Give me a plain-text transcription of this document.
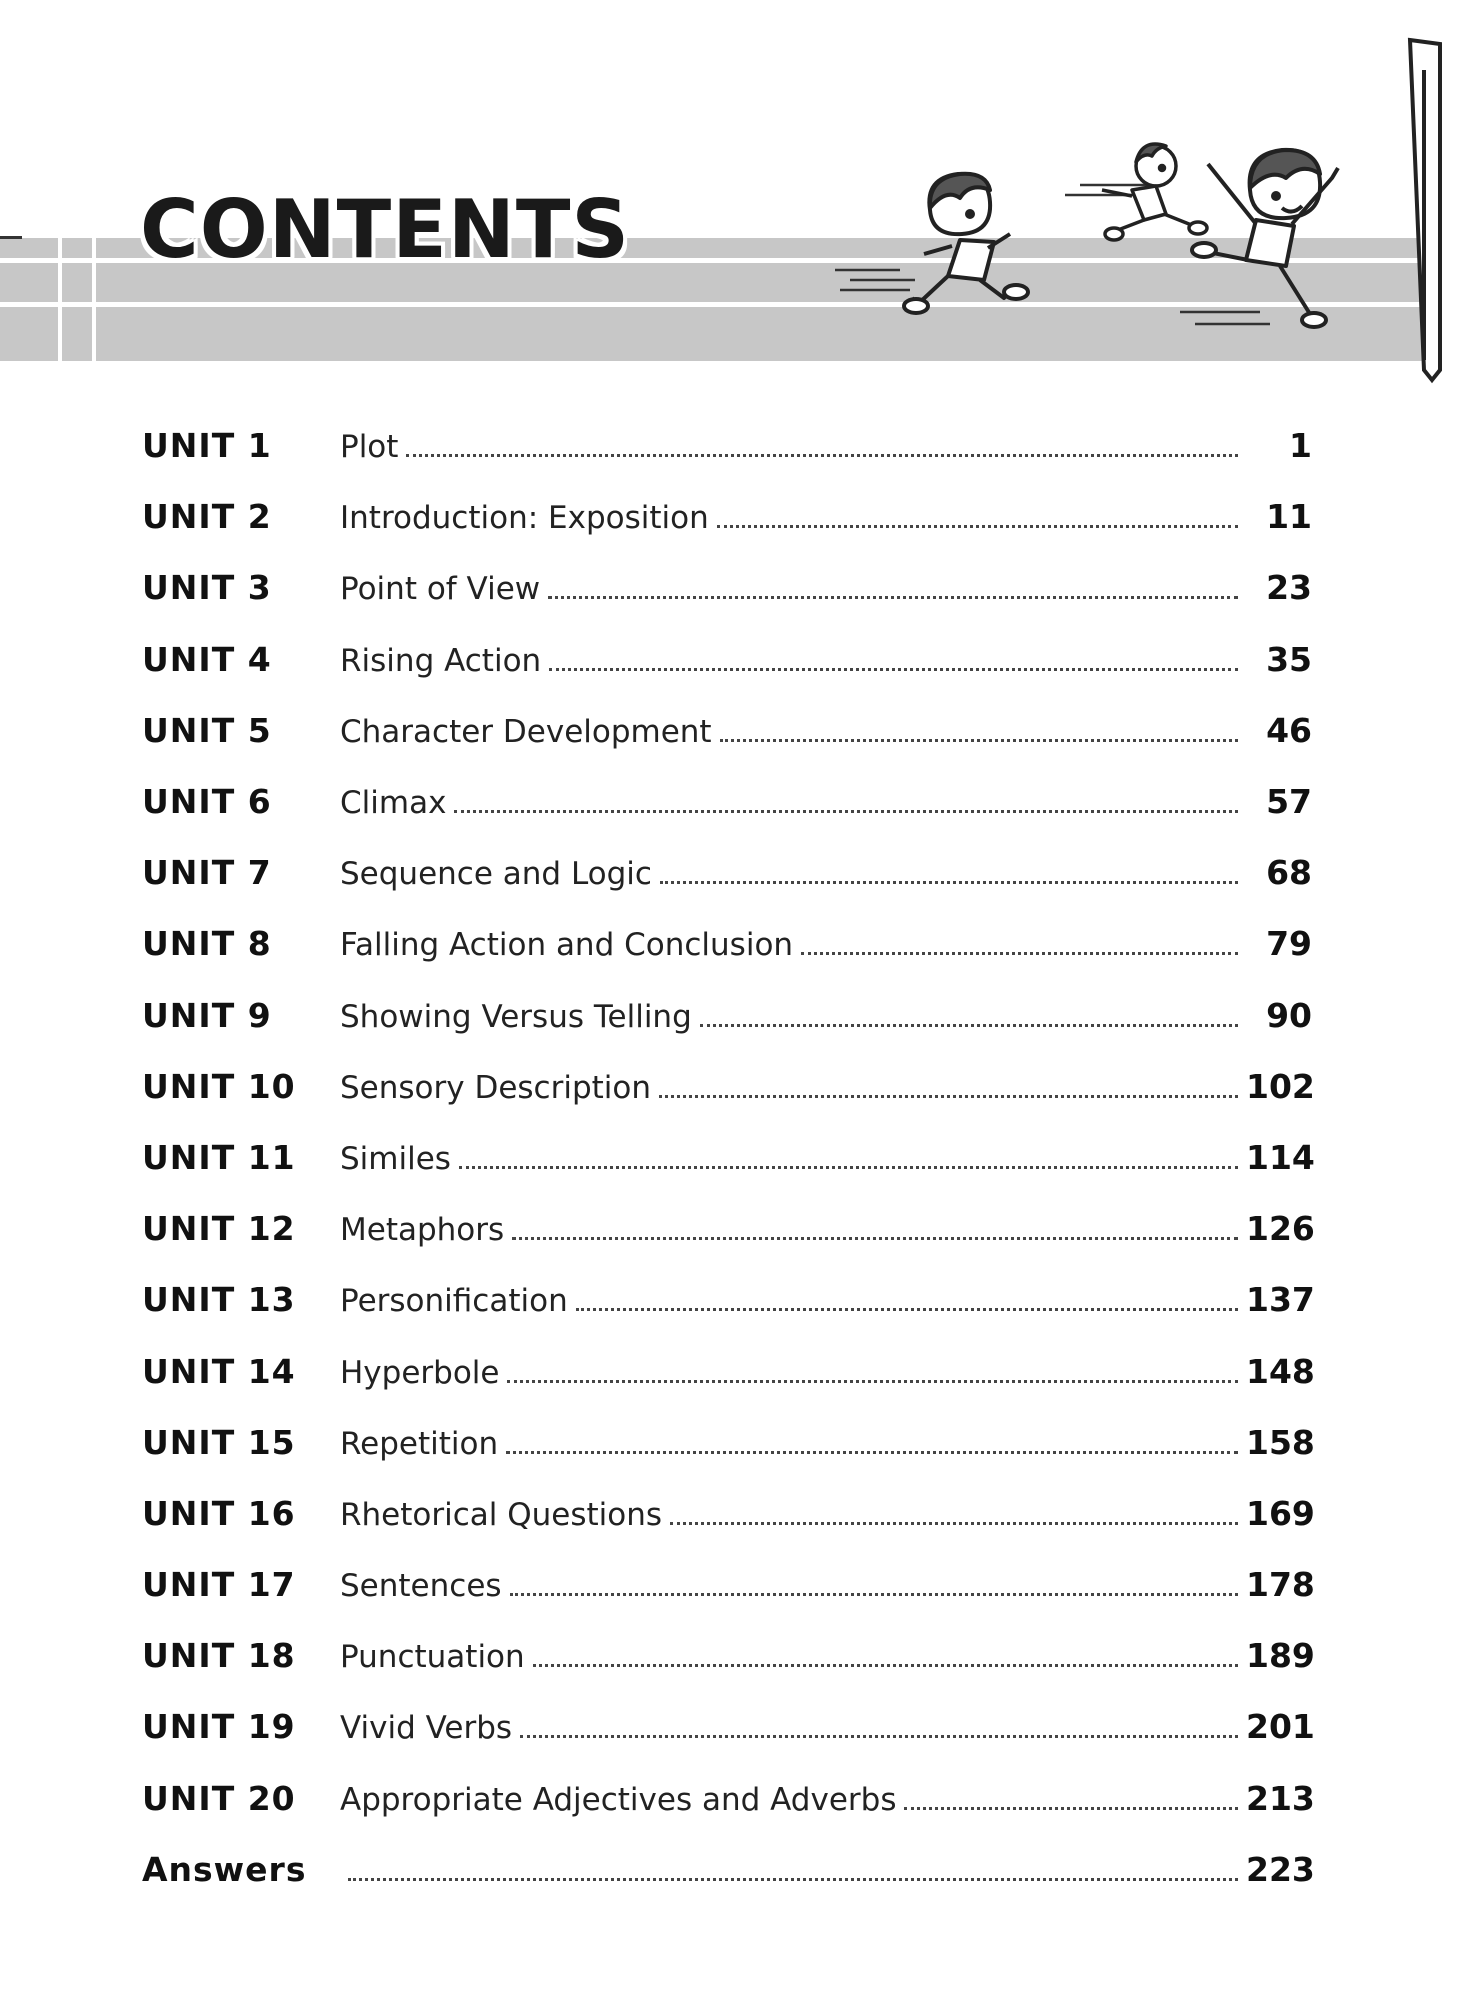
CONTENTS
UNIT 1	Plot	1
UNIT 2	Introduction: Exposition	11
UNIT 3	Point of View	23
UNIT 4	Rising Action	35
UNIT 5	Character Development	46
UNIT 6	Climax	57
UNIT 7	Sequence and Logic	68
UNIT 8	Falling Action and Conclusion	79
UNIT 9	Showing Versus Telling	90
UNIT 10	Sensory Description	102
UNIT 11	Similes	114
UNIT 12	Metaphors	126
UNIT 13	Personification	137
UNIT 14	Hyperbole	148
UNIT 15	Repetition	158
UNIT 16	Rhetorical Questions	169
UNIT 17	Sentences	178
UNIT 18	Punctuation	189
UNIT 19	Vivid Verbs	201
UNIT 20	Appropriate Adjectives and Adverbs	213
Answers	223
